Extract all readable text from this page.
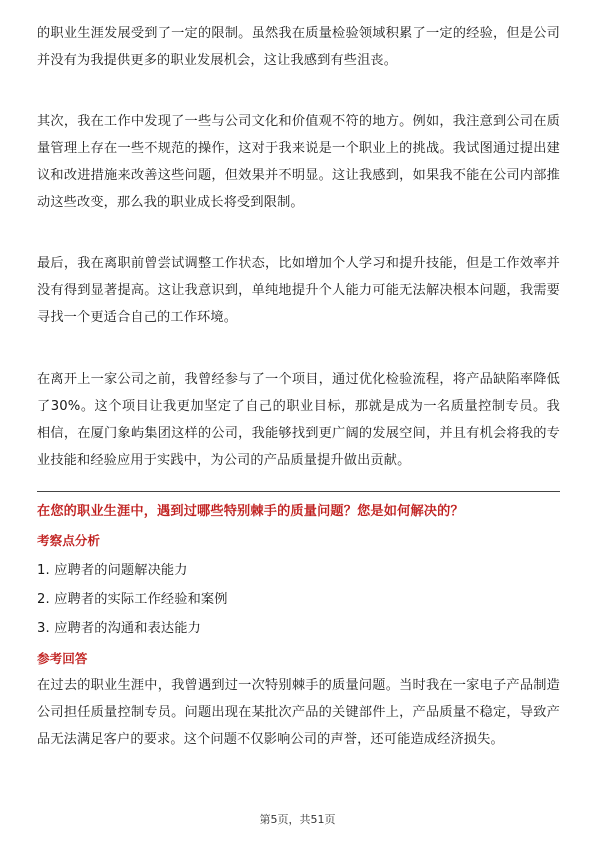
的职业生涯发展受到了一定的限制。虽然我在质量检验领域积累了一定的经验，但是公司并没有为我提供更多的职业发展机会，这让我感到有些沮丧。

其次，我在工作中发现了一些与公司文化和价值观不符的地方。例如，我注意到公司在质量管理上存在一些不规范的操作，这对于我来说是一个职业上的挑战。我试图通过提出建议和改进措施来改善这些问题，但效果并不明显。这让我感到，如果我不能在公司内部推动这些改变，那么我的职业成长将受到限制。

最后，我在离职前曾尝试调整工作状态，比如增加个人学习和提升技能，但是工作效率并没有得到显著提高。这让我意识到，单纯地提升个人能力可能无法解决根本问题，我需要寻找一个更适合自己的工作环境。

在离开上一家公司之前，我曾经参与了一个项目，通过优化检验流程，将产品缺陷率降低了30%。这个项目让我更加坚定了自己的职业目标，那就是成为一名质量控制专员。我相信，在厦门象屿集团这样的公司，我能够找到更广阔的发展空间，并且有机会将我的专业技能和经验应用于实践中，为公司的产品质量提升做出贡献。

在您的职业生涯中，遇到过哪些特别棘手的质量问题？您是如何解决的？

考察点分析

1. 应聘者的问题解决能力
2. 应聘者的实际工作经验和案例
3. 应聘者的沟通和表达能力

参考回答

在过去的职业生涯中，我曾遇到过一次特别棘手的质量问题。当时我在一家电子产品制造公司担任质量控制专员。问题出现在某批次产品的关键部件上，产品质量不稳定，导致产品无法满足客户的要求。这个问题不仅影响公司的声誉，还可能造成经济损失。

第5页，共51页
